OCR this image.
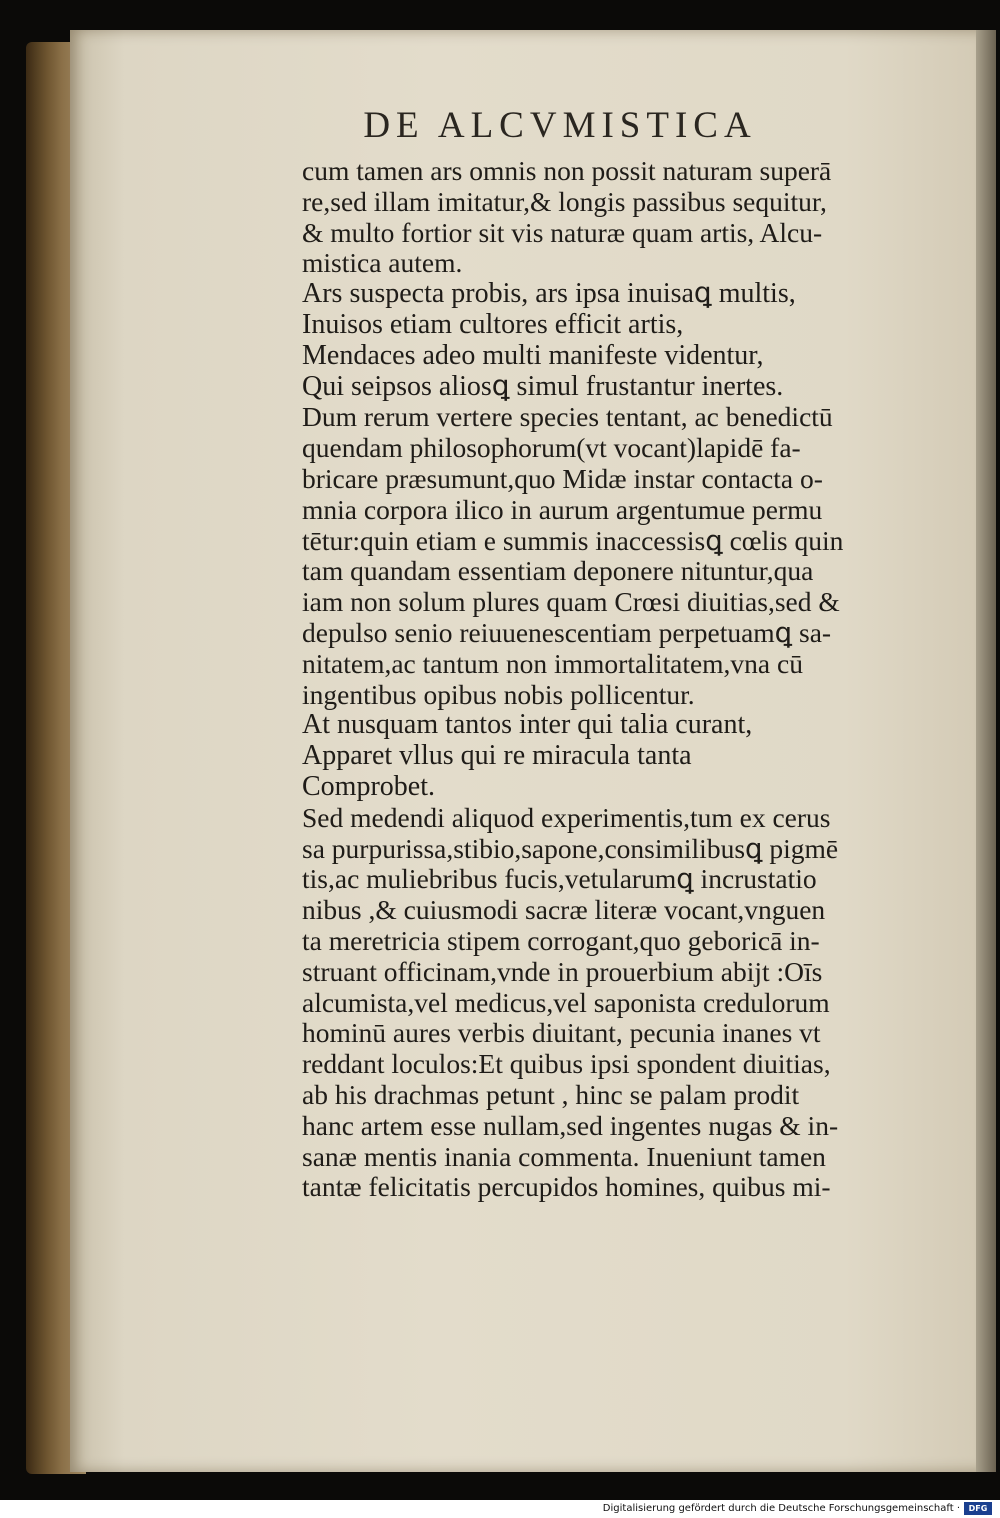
DE ALCVMISTICA
cum tamen ars omnis non possit naturam superā
re,sed illam imitatur,& longis passibus sequitur,
& multo fortior sit vis naturæ quam artis, Alcu-
mistica autem.
Ars suspecta probis, ars ipsa inuisaꝗ multis,
Inuisos etiam cultores efficit artis,
Mendaces adeo multi manifeste videntur,
Qui seipsos aliosꝗ simul frustantur inertes.
Dum rerum vertere species tentant, ac benedictū
quendam philosophorum(vt vocant)lapidē fa-
bricare præsumunt,quo Midæ instar contacta o-
mnia corpora ilico in aurum argentumue permu
tētur:quin etiam e summis inaccessisꝗ cœlis quin
tam quandam essentiam deponere nituntur,qua
iam non solum plures quam Crœsi diuitias,sed &
depulso senio reiuuenescentiam perpetuamꝗ sa-
nitatem,ac tantum non immortalitatem,vna cū
ingentibus opibus nobis pollicentur.
At nusquam tantos inter qui talia curant,
Apparet vllus qui re miracula tanta
Comprobet.
Sed medendi aliquod experimentis,tum ex cerus
sa purpurissa,stibio,sapone,consimilibusꝗ pigmē
tis,ac muliebribus fucis,vetularumꝗ incrustatio
nibus ,& cuiusmodi sacræ literæ vocant,vnguen
ta meretricia stipem corrogant,quo geboricā in-
struant officinam,vnde in prouerbium abijt :Oīs
alcumista,vel medicus,vel saponista credulorum
hominū aures verbis diuitant, pecunia inanes vt
reddant loculos:Et quibus ipsi spondent diuitias,
ab his drachmas petunt , hinc se palam prodit
hanc artem esse nullam,sed ingentes nugas & in-
sanæ mentis inania commenta. Inueniunt tamen
tantæ felicitatis percupidos homines, quibus mi-
Digitalisierung gefördert durch die Deutsche Forschungsgemeinschaft ·	DFG
